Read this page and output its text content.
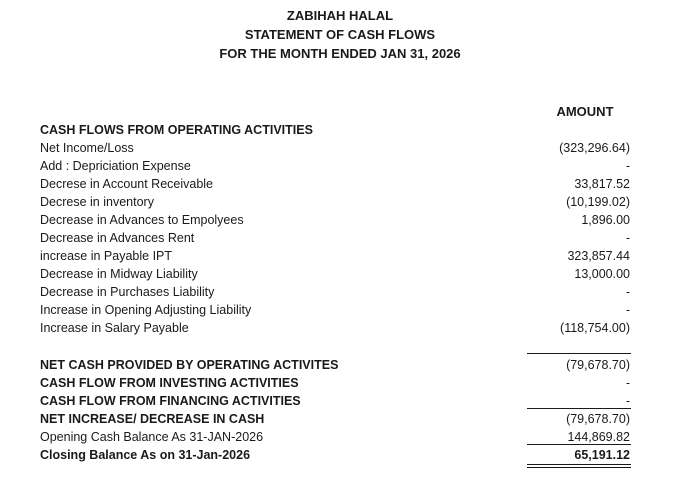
ZABIHAH HALAL
STATEMENT OF CASH FLOWS
FOR THE MONTH ENDED JAN 31, 2026
AMOUNT
CASH FLOWS FROM OPERATING ACTIVITIES
Net Income/Loss	(323,296.64)
Add : Depriciation Expense	-
Decrese in Account Receivable	33,817.52
Decrese in inventory	(10,199.02)
Decrease in Advances to Empolyees	1,896.00
Decrease in Advances Rent	-
increase in Payable IPT	323,857.44
Decrease in Midway Liability	13,000.00
Decrease in Purchases Liability	-
Increase in Opening Adjusting Liability	-
Increase in Salary Payable	(118,754.00)
NET CASH PROVIDED BY OPERATING ACTIVITES	(79,678.70)
CASH FLOW FROM INVESTING ACTIVITIES	-
CASH FLOW FROM FINANCING ACTIVITIES	-
NET INCREASE/ DECREASE IN CASH	(79,678.70)
Opening Cash Balance As 31-JAN-2026	144,869.82
Closing Balance As on 31-Jan-2026	65,191.12
